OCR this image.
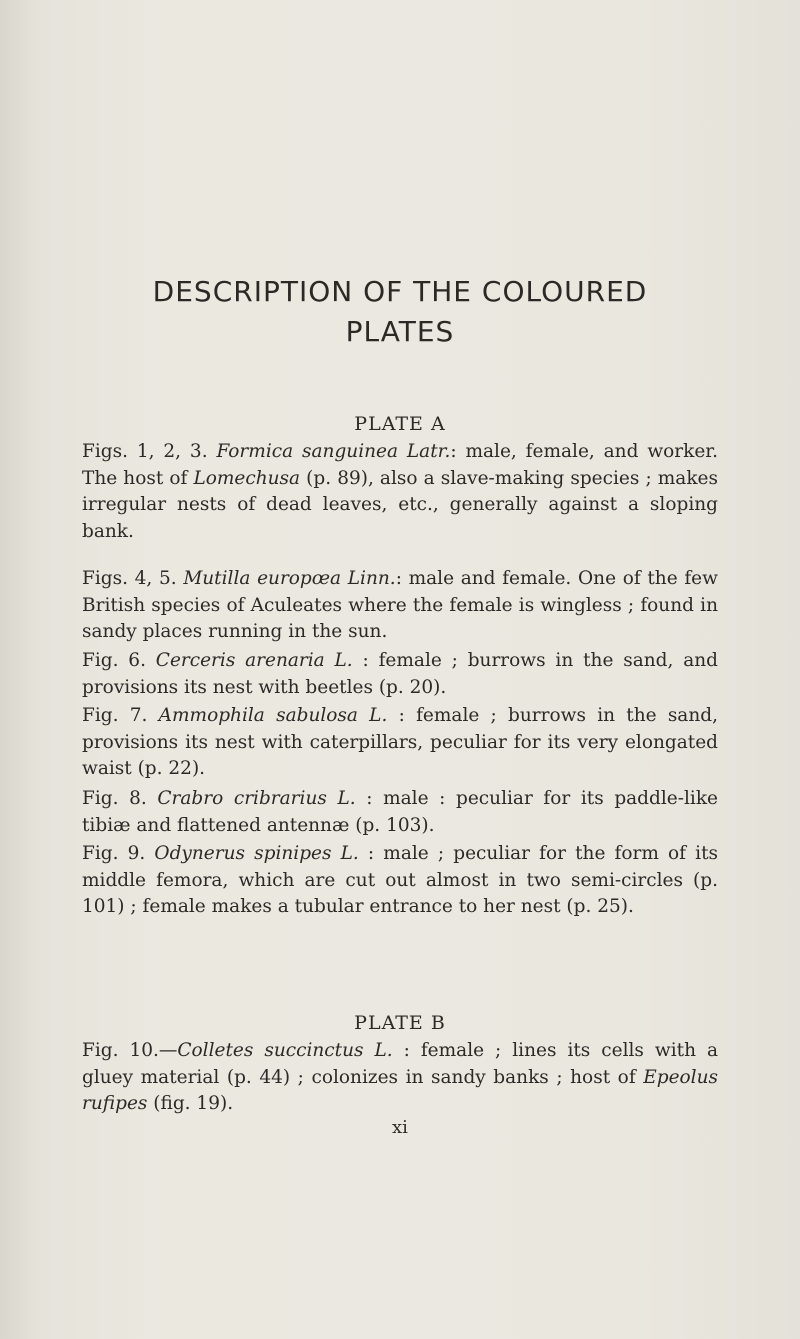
DESCRIPTION OF THE COLOURED
PLATES
PLATE A
Figs. 1, 2, 3. Formica sanguinea Latr.: male, female, and worker. The host of Lomechusa (p. 89), also a slave-making species ; makes irregular nests of dead leaves, etc., generally against a sloping bank.
Figs. 4, 5. Mutilla europœa Linn.: male and female. One of the few British species of Aculeates where the female is wingless ; found in sandy places running in the sun.
Fig. 6. Cerceris arenaria L. : female ; burrows in the sand, and provisions its nest with beetles (p. 20).
Fig. 7. Ammophila sabulosa L. : female ; burrows in the sand, provisions its nest with caterpillars, peculiar for its very elongated waist (p. 22).
Fig. 8. Crabro cribrarius L. : male : peculiar for its paddle-like tibiæ and flattened antennæ (p. 103).
Fig. 9. Odynerus spinipes L. : male ; peculiar for the form of its middle femora, which are cut out almost in two semi-circles (p. 101) ; female makes a tubular entrance to her nest (p. 25).
PLATE B
Fig. 10.—Colletes succinctus L. : female ; lines its cells with a gluey material (p. 44) ; colonizes in sandy banks ; host of Epeolus rufipes (fig. 19).
xi
